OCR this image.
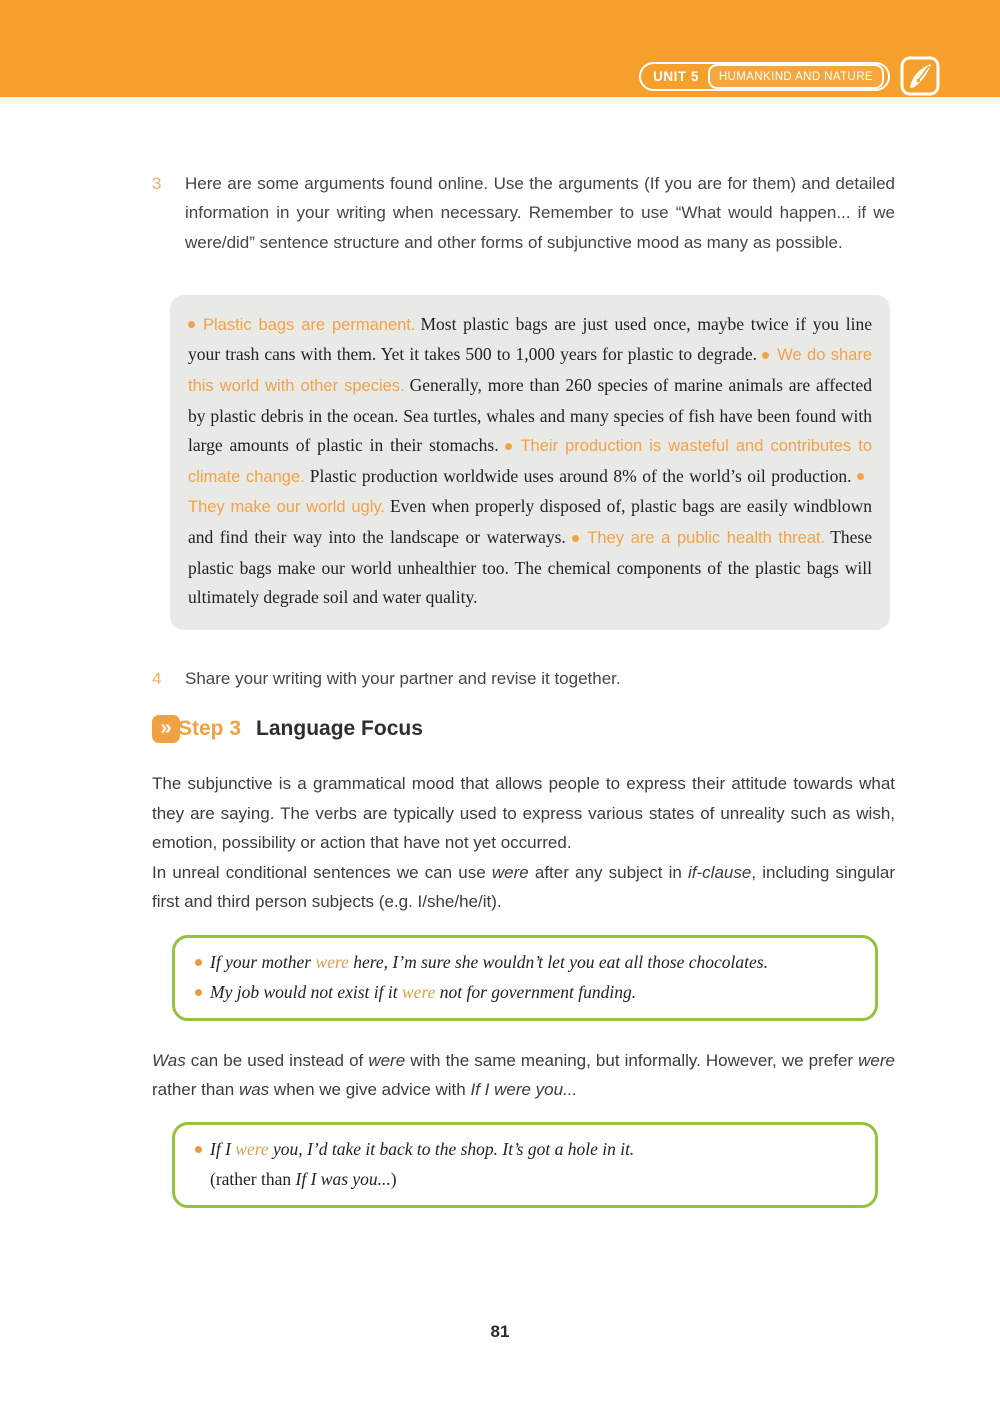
UNIT 5	HUMANKIND AND NATURE
3	Here are some arguments found online. Use the arguments (If you are for them) and detailed information in your writing when necessary. Remember to use “What would happen... if we were/did” sentence structure and other forms of subjunctive mood as many as possible.
Plastic bags are permanent. Most plastic bags are just used once, maybe twice if you line your trash cans with them. Yet it takes 500 to 1,000 years for plastic to degrade. We do share this world with other species. Generally, more than 260 species of marine animals are affected by plastic debris in the ocean. Sea turtles, whales and many species of fish have been found with large amounts of plastic in their stomachs. Their production is wasteful and contributes to climate change. Plastic production worldwide uses around 8% of the world’s oil production. They make our world ugly. Even when properly disposed of, plastic bags are easily windblown and find their way into the landscape or waterways. They are a public health threat. These plastic bags make our world unhealthier too. The chemical components of the plastic bags will ultimately degrade soil and water quality.
4	Share your writing with your partner and revise it together.
» Step 3 Language Focus

The subjunctive is a grammatical mood that allows people to express their attitude towards what they are saying. The verbs are typically used to express various states of unreality such as wish, emotion, possibility or action that have not yet occurred.

In unreal conditional sentences we can use were after any subject in if-clause, including singular first and third person subjects (e.g. I/she/he/it).

If your mother were here, I’m sure she wouldn’t let you eat all those chocolates.
My job would not exist if it were not for government funding.

Was can be used instead of were with the same meaning, but informally. However, we prefer were rather than was when we give advice with If I were you...

If I were you, I’d take it back to the shop. It’s got a hole in it.
(rather than If I was you...)
81
